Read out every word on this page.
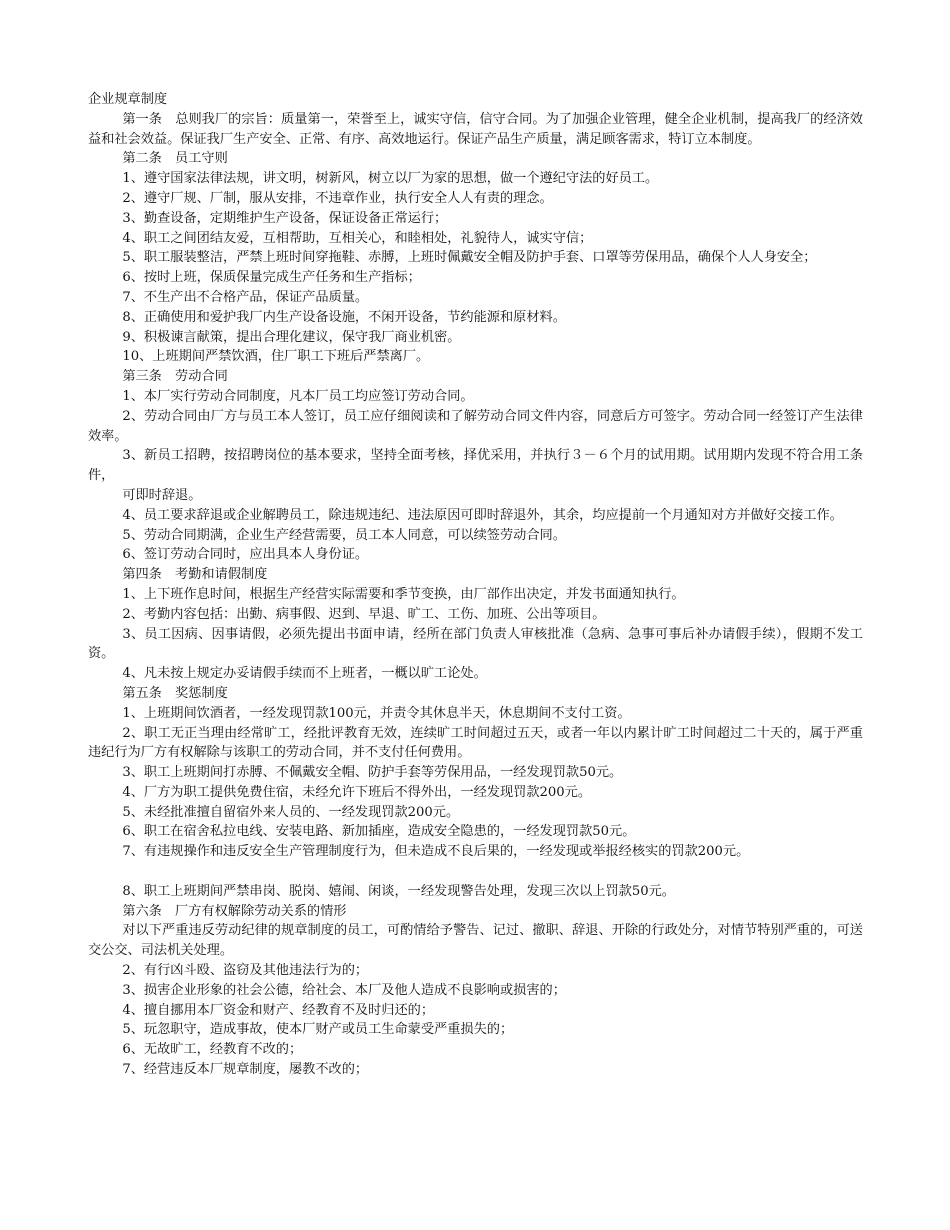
企业规章制度

第一条　总则我厂的宗旨：质量第一，荣誉至上，诚实守信，信守合同。为了加强企业管理，健全企业机制，提高我厂的经济效益和社会效益。保证我厂生产安全、正常、有序、高效地运行。保证产品生产质量，满足顾客需求，特订立本制度。

第二条　员工守则

1、遵守国家法律法规，讲文明，树新风，树立以厂为家的思想，做一个遵纪守法的好员工。

2、遵守厂规、厂制，服从安排，不违章作业，执行安全人人有责的理念。

3、勤查设备，定期维护生产设备，保证设备正常运行；

4、职工之间团结友爱，互相帮助，互相关心，和睦相处，礼貌待人，诚实守信；

5、职工服装整洁，严禁上班时间穿拖鞋、赤膊，上班时佩戴安全帽及防护手套、口罩等劳保用品，确保个人人身安全；

6、按时上班，保质保量完成生产任务和生产指标；

7、不生产出不合格产品，保证产品质量。

8、正确使用和爱护我厂内生产设备设施，不闲开设备，节约能源和原材料。

9、积极谏言献策，提出合理化建议，保守我厂商业机密。

10、上班期间严禁饮酒，住厂职工下班后严禁离厂。

第三条　劳动合同

1、本厂实行劳动合同制度，凡本厂员工均应签订劳动合同。

2、劳动合同由厂方与员工本人签订，员工应仔细阅读和了解劳动合同文件内容，同意后方可签字。劳动合同一经签订产生法律效率。

3、新员工招聘，按招聘岗位的基本要求，坚持全面考核，择优采用，并执行３－６个月的试用期。试用期内发现不符合用工条件，

可即时辞退。

4、员工要求辞退或企业解聘员工，除违规违纪、违法原因可即时辞退外，其余，均应提前一个月通知对方并做好交接工作。

5、劳动合同期满，企业生产经营需要，员工本人同意，可以续签劳动合同。

6、签订劳动合同时，应出具本人身份证。

第四条　考勤和请假制度

1、上下班作息时间，根据生产经营实际需要和季节变换，由厂部作出决定，并发书面通知执行。

2、考勤内容包括：出勤、病事假、迟到、早退、旷工、工伤、加班、公出等项目。

3、员工因病、因事请假，必须先提出书面申请，经所在部门负责人审核批准（急病、急事可事后补办请假手续），假期不发工资。

4、凡未按上规定办妥请假手续而不上班者，一概以旷工论处。

第五条　奖惩制度

1、上班期间饮酒者，一经发现罚款100元，并责令其休息半天，休息期间不支付工资。

2、职工无正当理由经常旷工，经批评教育无效，连续旷工时间超过五天，或者一年以内累计旷工时间超过二十天的，属于严重违纪行为厂方有权解除与该职工的劳动合同，并不支付任何费用。

3、职工上班期间打赤膊、不佩戴安全帽、防护手套等劳保用品，一经发现罚款50元。

4、厂方为职工提供免费住宿，未经允许下班后不得外出，一经发现罚款200元。

5、未经批准擅自留宿外来人员的、一经发现罚款200元。

6、职工在宿舍私拉电线、安装电路、新加插座，造成安全隐患的，一经发现罚款50元。

7、有违规操作和违反安全生产管理制度行为，但未造成不良后果的，一经发现或举报经核实的罚款200元。

8、职工上班期间严禁串岗、脱岗、嬉闹、闲谈，一经发现警告处理，发现三次以上罚款50元。

第六条　厂方有权解除劳动关系的情形

对以下严重违反劳动纪律的规章制度的员工，可酌情给予警告、记过、撤职、辞退、开除的行政处分，对情节特别严重的，可送交公交、司法机关处理。

2、有行凶斗殴、盗窃及其他违法行为的；

3、损害企业形象的社会公德，给社会、本厂及他人造成不良影响或损害的；

4、擅自挪用本厂资金和财产、经教育不及时归还的；

5、玩忽职守，造成事故，使本厂财产或员工生命蒙受严重损失的；

6、无故旷工，经教育不改的；

7、经营违反本厂规章制度，屡教不改的；
